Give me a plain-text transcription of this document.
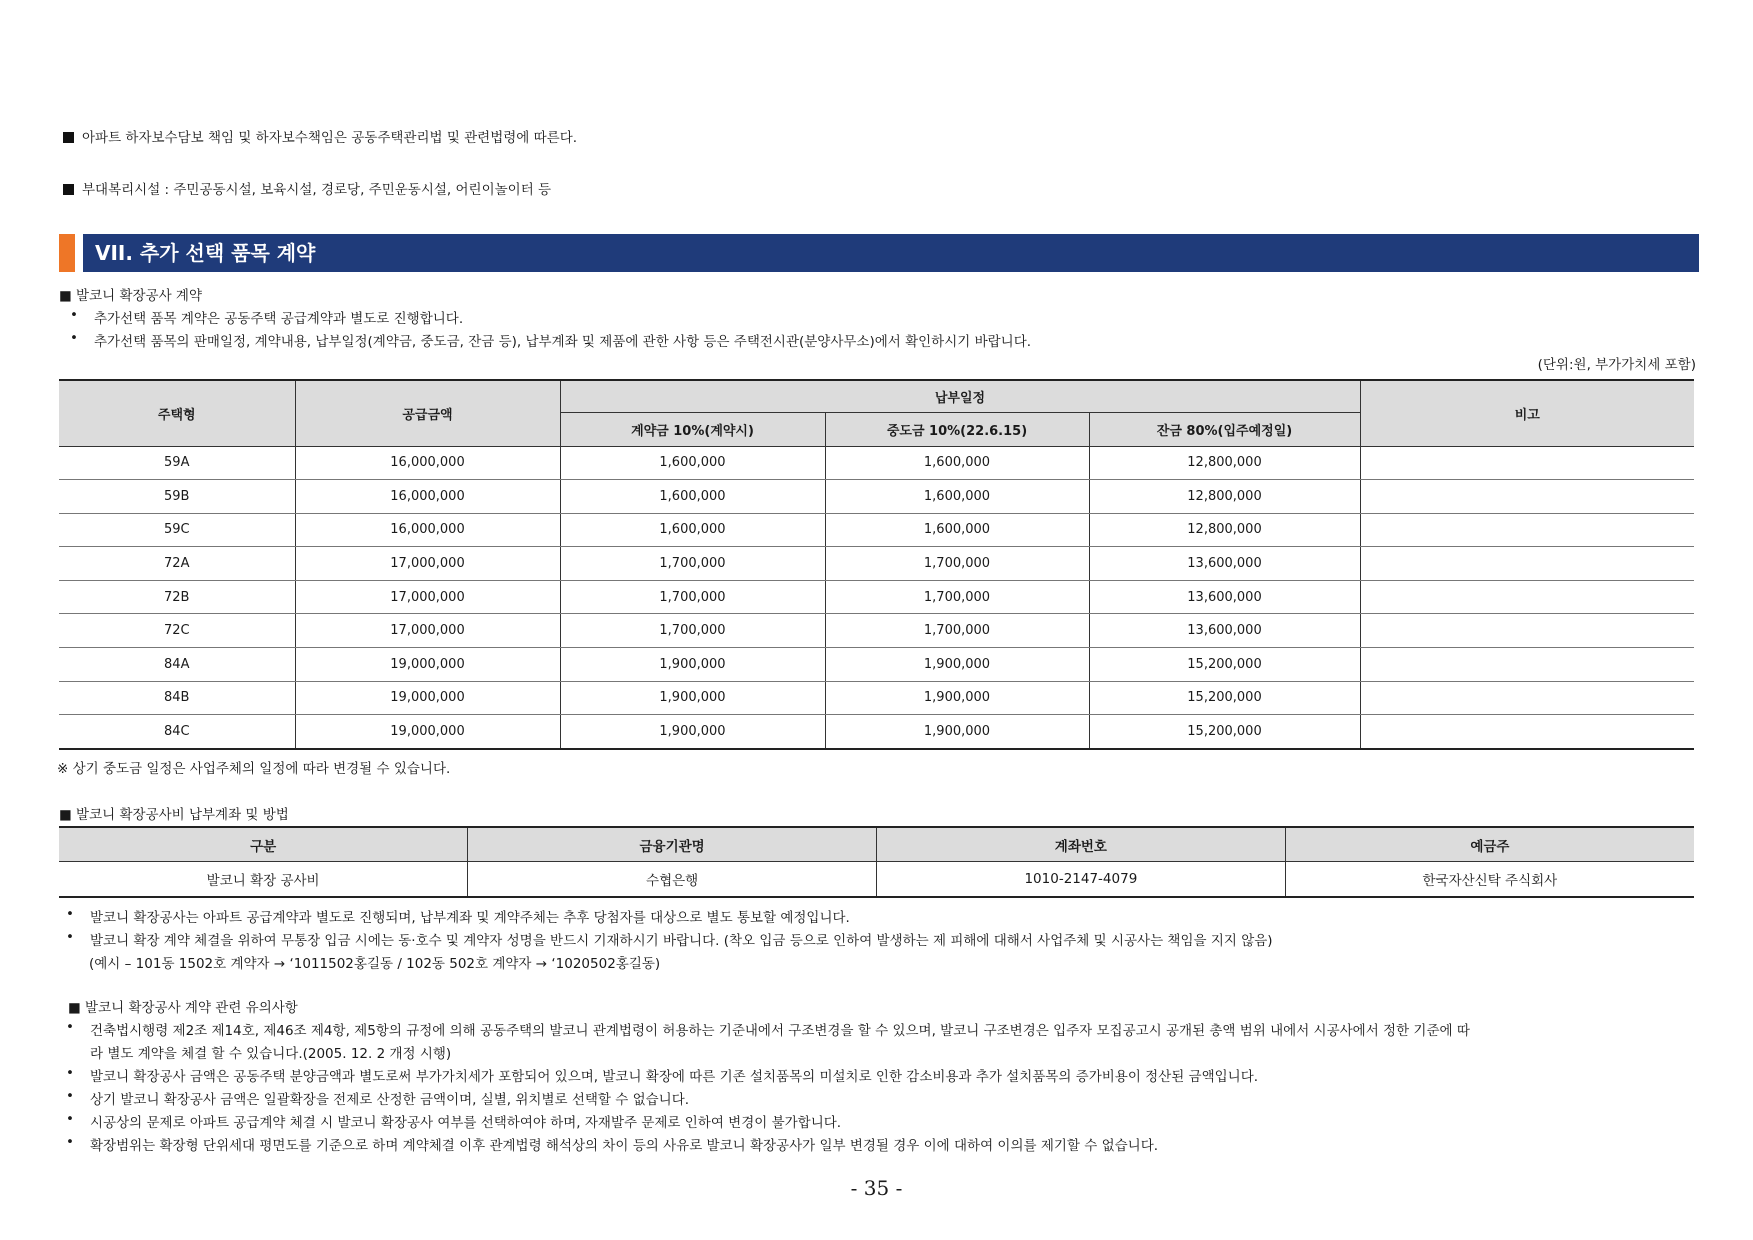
아파트 하자보수담보 책임 및 하자보수책임은 공동주택관리법 및 관련법령에 따른다.
부대복리시설 : 주민공동시설, 보육시설, 경로당, 주민운동시설, 어린이놀이터 등
VII. 추가 선택 품목 계약
■ 발코니 확장공사 계약
• 추가선택 품목 계약은 공동주택 공급계약과 별도로 진행합니다.
• 추가선택 품목의 판매일정, 계약내용, 납부일정(계약금, 중도금, 잔금 등), 납부계좌 및 제품에 관한 사항 등은 주택전시관(분양사무소)에서 확인하시기 바랍니다.
(단위:원, 부가가치세 포함)
주택형	공급금액	납부일정			비고
		계약금 10%(계약시)	중도금 10%(22.6.15)	잔금 80%(입주예정일)	
59A	16,000,000	1,600,000	1,600,000	12,800,000	
59B	16,000,000	1,600,000	1,600,000	12,800,000	
59C	16,000,000	1,600,000	1,600,000	12,800,000	
72A	17,000,000	1,700,000	1,700,000	13,600,000	
72B	17,000,000	1,700,000	1,700,000	13,600,000	
72C	17,000,000	1,700,000	1,700,000	13,600,000	
84A	19,000,000	1,900,000	1,900,000	15,200,000	
84B	19,000,000	1,900,000	1,900,000	15,200,000	
84C	19,000,000	1,900,000	1,900,000	15,200,000	
※ 상기 중도금 일정은 사업주체의 일정에 따라 변경될 수 있습니다.
■ 발코니 확장공사비 납부계좌 및 방법
구분	금융기관명	계좌번호	예금주
발코니 확장 공사비	수협은행	1010-2147-4079	한국자산신탁 주식회사
• 발코니 확장공사는 아파트 공급계약과 별도로 진행되며, 납부계좌 및 계약주체는 추후 당첨자를 대상으로 별도 통보할 예정입니다.
• 발코니 확장 계약 체결을 위하여 무통장 입금 시에는 동·호수 및 계약자 성명을 반드시 기재하시기 바랍니다. (착오 입금 등으로 인하여 발생하는 제 피해에 대해서 사업주체 및 시공사는 책임을 지지 않음)
(예시 – 101동 1502호 계약자 → ‘1011502홍길동 / 102동 502호 계약자 → ‘1020502홍길동)
■ 발코니 확장공사 계약 관련 유의사항
• 건축법시행령 제2조 제14호, 제46조 제4항, 제5항의 규정에 의해 공동주택의 발코니 관계법령이 허용하는 기준내에서 구조변경을 할 수 있으며, 발코니 구조변경은 입주자 모집공고시 공개된 총액 범위 내에서 시공사에서 정한 기준에 따
라 별도 계약을 체결 할 수 있습니다.(2005. 12. 2 개정 시행)
• 발코니 확장공사 금액은 공동주택 분양금액과 별도로써 부가가치세가 포함되어 있으며, 발코니 확장에 따른 기존 설치품목의 미설치로 인한 감소비용과 추가 설치품목의 증가비용이 정산된 금액입니다.
• 상기 발코니 확장공사 금액은 일괄확장을 전제로 산정한 금액이며, 실별, 위치별로 선택할 수 없습니다.
• 시공상의 문제로 아파트 공급계약 체결 시 발코니 확장공사 여부를 선택하여야 하며, 자재발주 문제로 인하여 변경이 불가합니다.
• 확장범위는 확장형 단위세대 평면도를 기준으로 하며 계약체결 이후 관계법령 해석상의 차이 등의 사유로 발코니 확장공사가 일부 변경될 경우 이에 대하여 이의를 제기할 수 없습니다.
- 35 -
